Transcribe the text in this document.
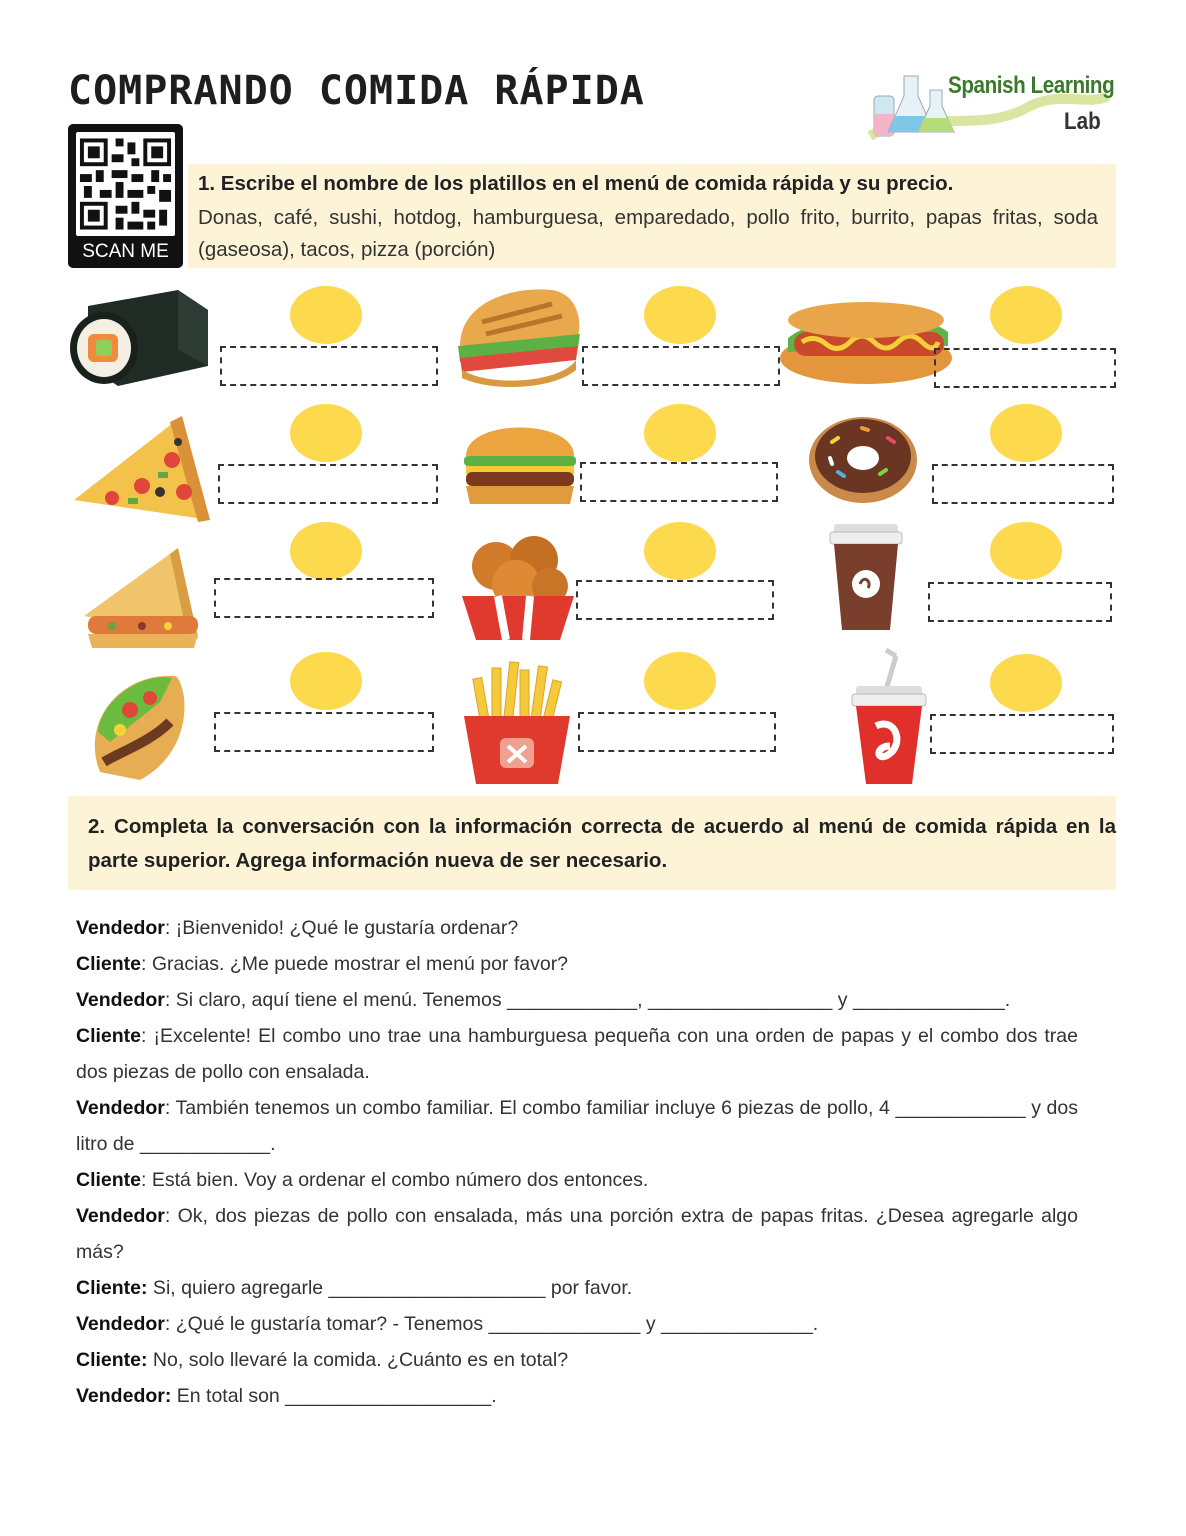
COMPRANDO COMIDA RÁPIDA	Spanish Learning
Lab
SCAN ME
1. Escribe el nombre de los platillos en el menú de comida rápida y su precio.
Donas, café, sushi, hotdog, hamburguesa, emparedado, pollo frito, burrito, papas fritas, soda (gaseosa), tacos, pizza (porción)
2. Completa la conversación con la información correcta de acuerdo al menú de comida rápida en la parte superior. Agrega información nueva de ser necesario.
Vendedor: ¡Bienvenido! ¿Qué le gustaría ordenar?
Cliente: Gracias. ¿Me puede mostrar el menú por favor?
Vendedor: Si claro, aquí tiene el menú. Tenemos ____________, _________________ y ______________.
Cliente: ¡Excelente! El combo uno trae una hamburguesa pequeña con una orden de papas y el combo dos trae dos piezas de pollo con ensalada.
Vendedor: También tenemos un combo familiar. El combo familiar incluye 6 piezas de pollo, 4 ____________ y dos litro de ____________.
Cliente: Está bien. Voy a ordenar el combo número dos entonces.
Vendedor: Ok, dos piezas de pollo con ensalada, más una porción extra de papas fritas. ¿Desea agregarle algo más?
Cliente: Si, quiero agregarle ____________________ por favor.
Vendedor: ¿Qué le gustaría tomar? - Tenemos ______________ y ______________.
Cliente: No, solo llevaré la comida. ¿Cuánto es en total?
Vendedor: En total son ___________________.
